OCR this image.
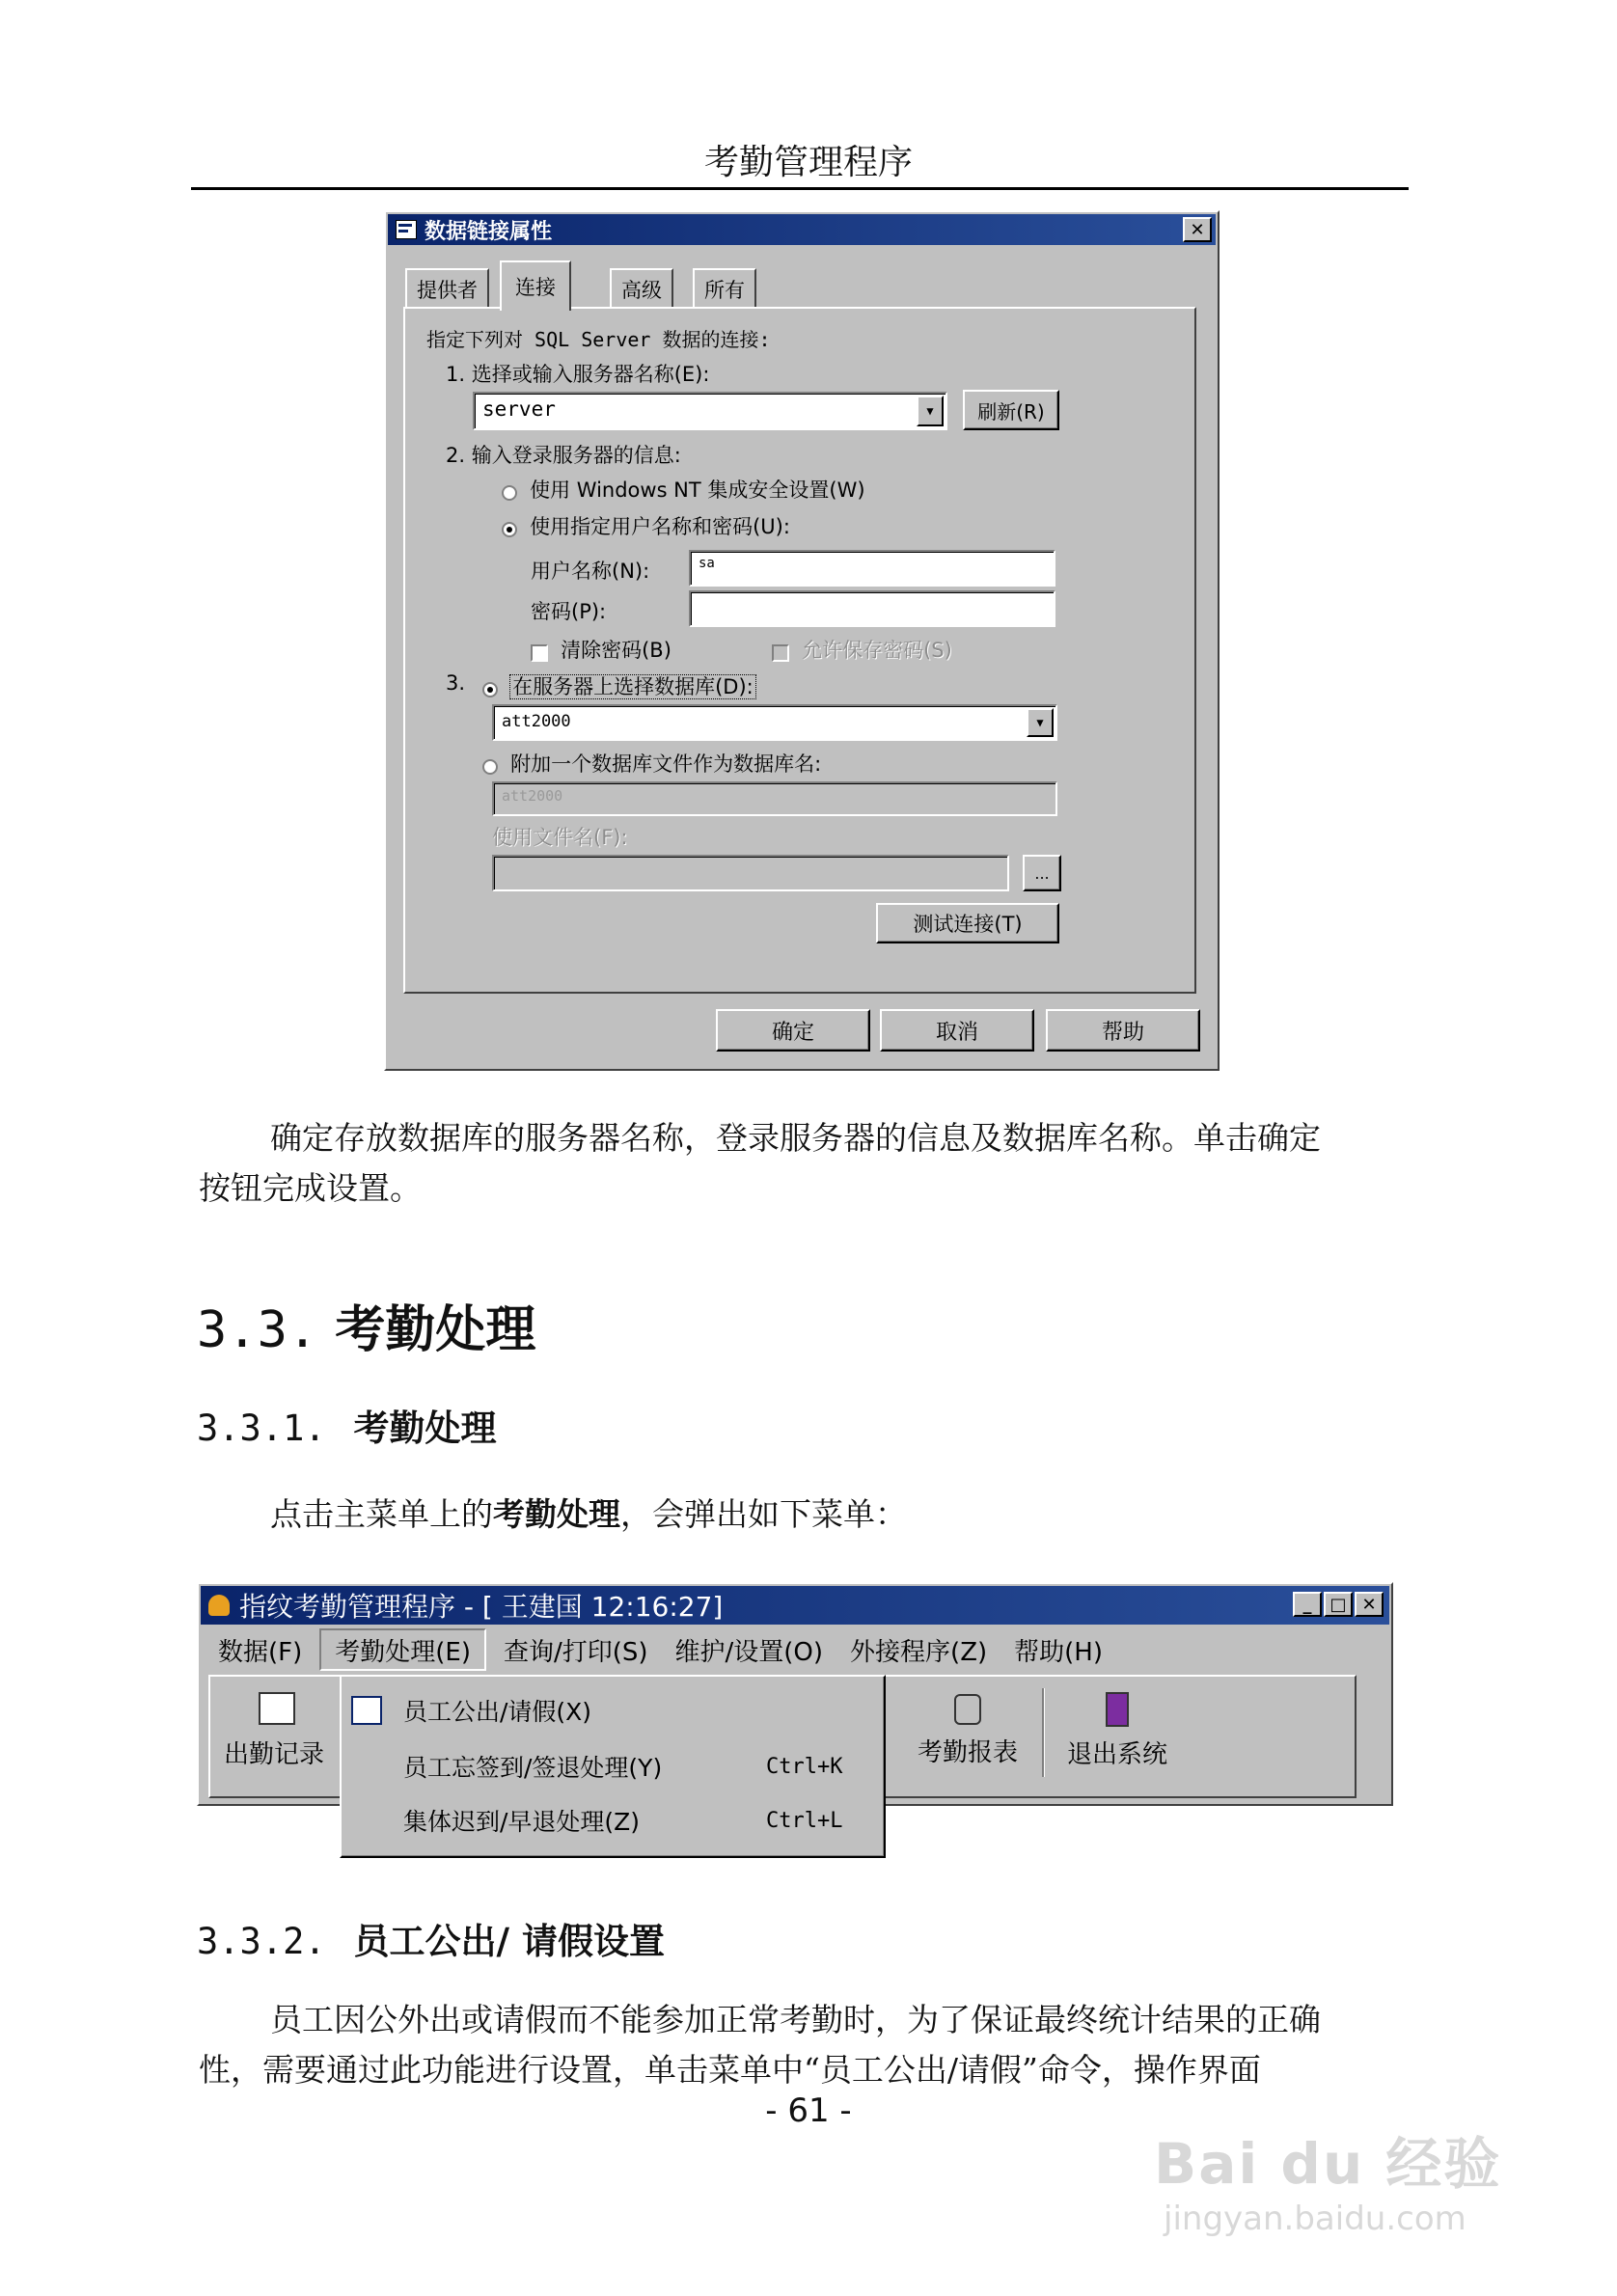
考勤管理程序
数据链接属性	✕
提供者 连接	高级 所有
指定下列对 SQL Server 数据的连接:
1. 选择或输入服务器名称(E):
server	▼	刷新(R)
2. 输入登录服务器的信息:
使用 Windows NT 集成安全设置(W)
使用指定用户名称和密码(U):
用户名称(N):	sa
密码(P):
清除密码(B)	允许保存密码(S)
3.	在服务器上选择数据库(D):
att2000	▼
附加一个数据库文件作为数据库名:
att2000
使用文件名(F):
...
测试连接(T)
确定	取消	帮助
确定存放数据库的服务器名称，登录服务器的信息及数据库名称。单击确定
按钮完成设置。
3.3. 考勤处理
3.3.1. 考勤处理
点击主菜单上的考勤处理，会弹出如下菜单：
指纹考勤管理程序 - [ 王建国 12:16:27]	_	□ ✕
数据(F)	考勤处理(E)	查询/打印(S)	维护/设置(O)	外接程序(Z)	帮助(H)
出勤记录	考勤报表	退出系统
员工公出/请假(X)
员工忘签到/签退处理(Y)	Ctrl+K
集体迟到/早退处理(Z)	Ctrl+L
3.3.2. 员工公出/ 请假设置
员工因公外出或请假而不能参加正常考勤时，为了保证最终统计结果的正确
性，需要通过此功能进行设置，单击菜单中“员工公出/请假”命令，操作界面
- 61 -
Bai du 经验
jingyan.baidu.com
